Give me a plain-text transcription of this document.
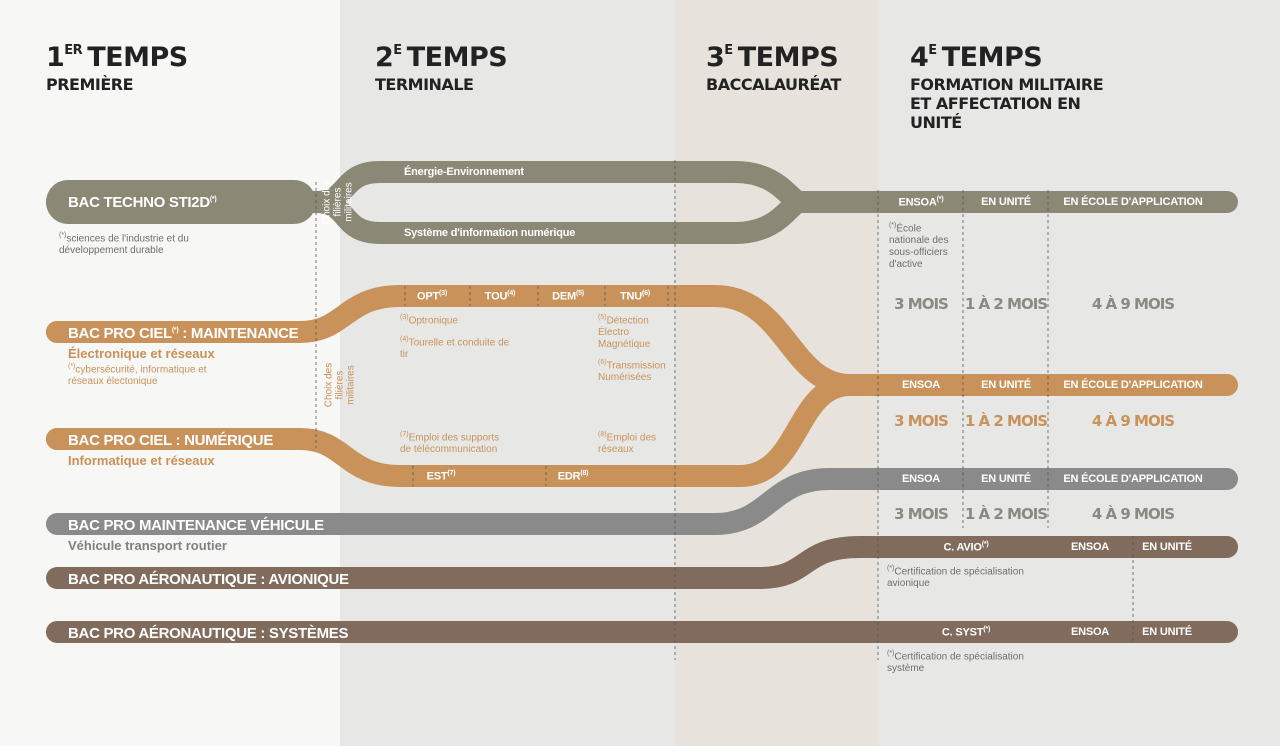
1ER TEMPS
PREMIÈRE
$2^E$ TEMPS
TERMINALE
$3^E$ TEMPS
BACCALAURÉAT
$4^E$ TEMPS
FORMATION MILITAIRE ET AFFECTATION EN UNITÉ
BAC TECHNO STI2D(*)	Choix des filières militaires
Énergie-Environnement
Système d'information numérique
(*)sciences de l'industrie et du développement durable
ENSOA(*)	EN UNITÉ	EN ÉCOLE D'APPLICATION
(*)École nationale des sous-officiers d'active
3 MOIS 1 À 2 MOIS	4 À 9 MOIS
BAC PRO CIEL(*) : MAINTENANCE
Électronique et réseaux
(*)cybersécurité, informatique et réseaux électonique
BAC PRO CIEL : NUMÉRIQUE
Informatique et réseaux
Choix des filières militaires
OPT$^{(3)}$	TOU$^{(4)}$	DEM$^{(5)}$	TNU$^{(6)}$
EST$^{(7)}$	EDR$^{(8)}$
$^{(3)}$Optronique
$^{(4)}$Tourelle et conduite de tir
$^{(5)}$Détection Électro Magnétique
$^{(6)}$Transmission Numérisées
$^{(7)}$Emploi des supports de télécommunication
$^{(8)}$Emploi des réseaux
ENSOA	EN UNITÉ	EN ÉCOLE D'APPLICATION
3 MOIS 1 À 2 MOIS	4 À 9 MOIS
BAC PRO MAINTENANCE VÉHICULE
Véhicule transport routier
ENSOA	EN UNITÉ	EN ÉCOLE D'APPLICATION
3 MOIS 1 À 2 MOIS	4 À 9 MOIS
BAC PRO AÉRONAUTIQUE : AVIONIQUE
C. AVIO(*)	ENSOA	EN UNITÉ
(*)Certification de spécialisation avionique
BAC PRO AÉRONAUTIQUE : SYSTÈMES	C. SYST(*)	ENSOA	EN UNITÉ
(*)Certification de spécialisation système
